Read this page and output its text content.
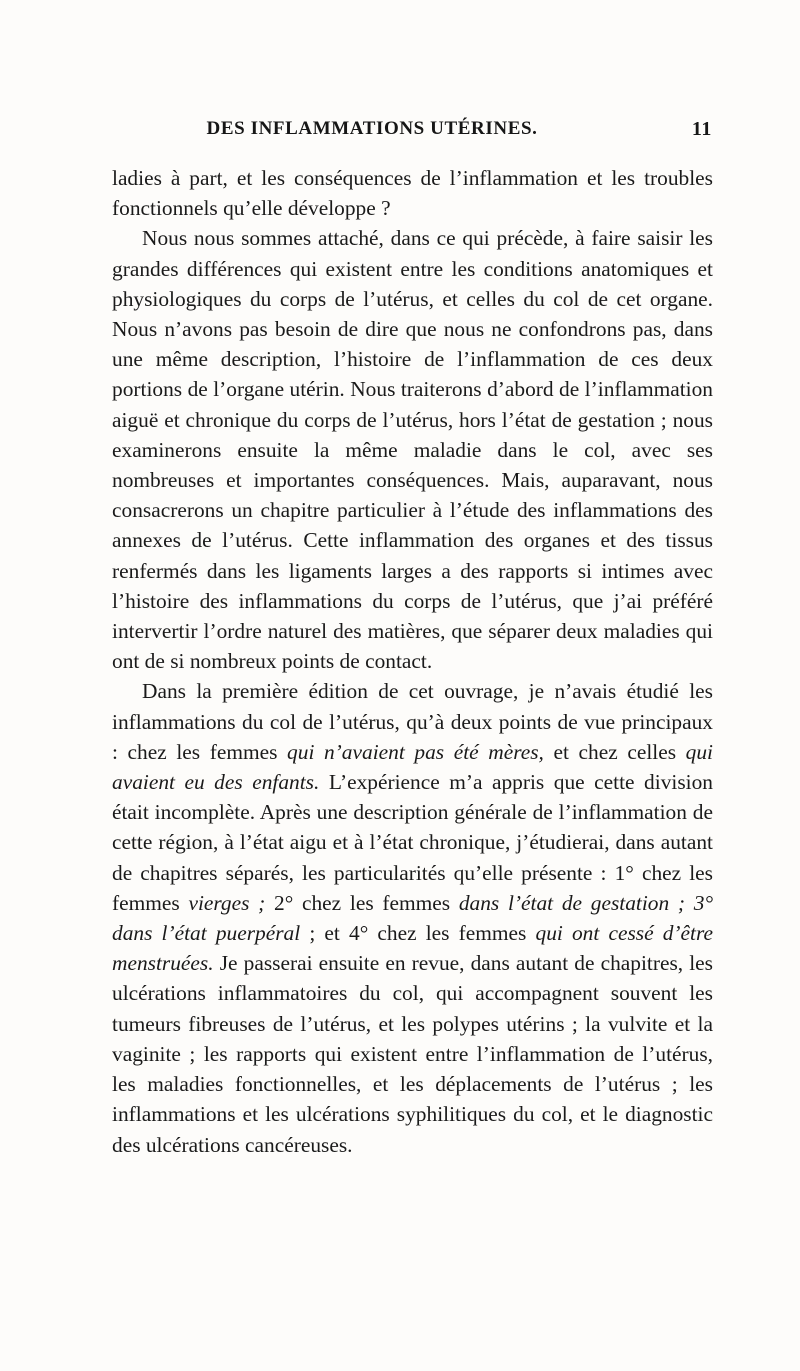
DES INFLAMMATIONS UTÉRINES.	11

ladies à part, et les conséquences de l’inflammation et les troubles fonctionnels qu’elle développe ?

Nous nous sommes attaché, dans ce qui précède, à faire saisir les grandes différences qui existent entre les conditions anatomiques et physiologiques du corps de l’utérus, et celles du col de cet organe. Nous n’avons pas besoin de dire que nous ne confondrons pas, dans une même description, l’histoire de l’inflammation de ces deux portions de l’organe utérin. Nous traiterons d’abord de l’inflammation aiguë et chronique du corps de l’utérus, hors l’état de gestation ; nous examinerons ensuite la même maladie dans le col, avec ses nombreuses et importantes conséquences. Mais, auparavant, nous consacrerons un chapitre particulier à l’étude des inflammations des annexes de l’utérus. Cette inflammation des organes et des tissus renfermés dans les ligaments larges a des rapports si intimes avec l’histoire des inflammations du corps de l’utérus, que j’ai préféré intervertir l’ordre naturel des matières, que séparer deux maladies qui ont de si nombreux points de contact.

Dans la première édition de cet ouvrage, je n’avais étudié les inflammations du col de l’utérus, qu’à deux points de vue principaux : chez les femmes qui n’avaient pas été mères, et chez celles qui avaient eu des enfants. L’expérience m’a appris que cette division était incomplète. Après une description générale de l’inflammation de cette région, à l’état aigu et à l’état chronique, j’étudierai, dans autant de chapitres séparés, les particularités qu’elle présente : 1° chez les femmes vierges ; 2° chez les femmes dans l’état de gestation ; 3° dans l’état puerpéral ; et 4° chez les femmes qui ont cessé d’être menstruées. Je passerai ensuite en revue, dans autant de chapitres, les ulcérations inflammatoires du col, qui accompagnent souvent les tumeurs fibreuses de l’utérus, et les polypes utérins ; la vulvite et la vaginite ; les rapports qui existent entre l’inflammation de l’utérus, les maladies fonctionnelles, et les déplacements de l’utérus ; les inflammations et les ulcérations syphilitiques du col, et le diagnostic des ulcérations cancéreuses.
